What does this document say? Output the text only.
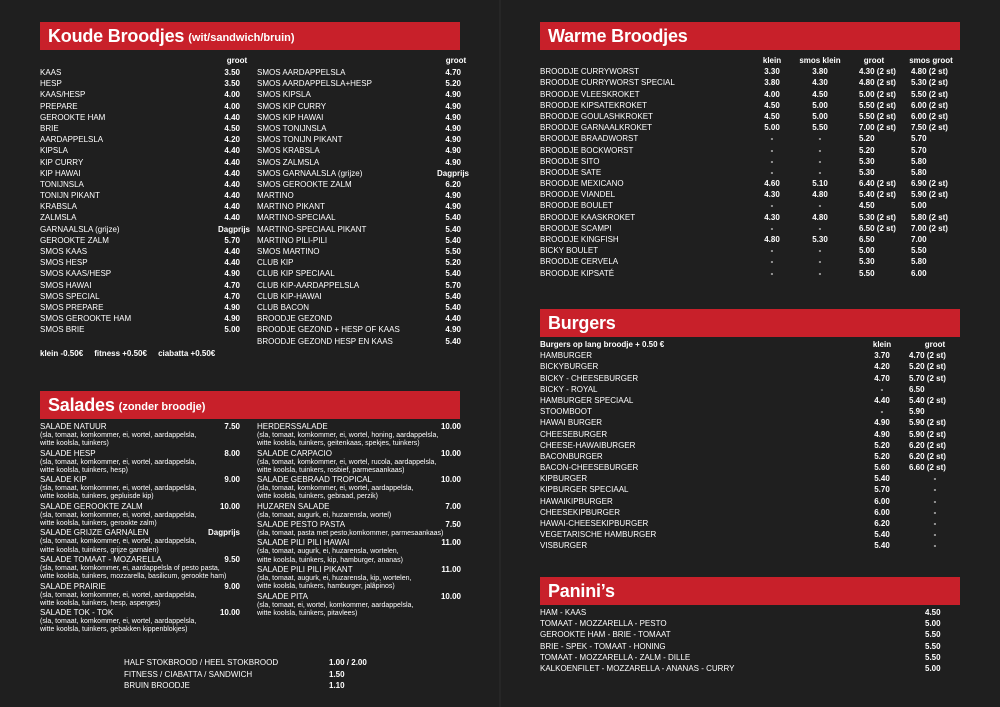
Koude Broodjes (wit/sandwich/bruin)
groot	groot
KAAS	3.50
HESP	3.50
KAAS/HESP	4.00
PREPARE	4.00
GEROOKTE HAM	4.40
BRIE	4.50
AARDAPPELSLA	4.20
KIPSLA	4.40
KIP CURRY	4.40
KIP HAWAI	4.40
TONIJNSLA	4.40
TONIJN PIKANT	4.40
KRABSLA	4.40
ZALMSLA	4.40
GARNAALSLA (grijze)	Dagprijs
GEROOKTE ZALM	5.70
SMOS KAAS	4.40
SMOS HESP	4.40
SMOS KAAS/HESP	4.90
SMOS HAWAI	4.70
SMOS SPECIAL	4.70
SMOS PREPARE	4.90
SMOS GEROOKTE HAM	4.90
SMOS BRIE	5.00
SMOS AARDAPPELSLA	4.70
SMOS AARDAPPELSLA+HESP	5.20
SMOS KIPSLA	4.90
SMOS KIP CURRY	4.90
SMOS KIP HAWAI	4.90
SMOS TONIJNSLA	4.90
SMOS TONIJN PIKANT	4.90
SMOS KRABSLA	4.90
SMOS ZALMSLA	4.90
SMOS GARNAALSLA (grijze)	Dagprijs
SMOS GEROOKTE ZALM	6.20
MARTINO	4.90
MARTINO PIKANT	4.90
MARTINO-SPECIAAL	5.40
MARTINO-SPECIAAL PIKANT	5.40
MARTINO PILI-PILI	5.40
SMOS MARTINO	5.50
CLUB KIP	5.20
CLUB KIP SPECIAAL	5.40
CLUB KIP-AARDAPPELSLA	5.70
CLUB KIP-HAWAI	5.40
CLUB BACON	5.40
BROODJE GEZOND	4.40
BROODJE GEZOND + HESP OF KAAS	4.90
BROODJE GEZOND HESP EN KAAS	5.40
klein -0.50€     fitness +0.50€     ciabatta +0.50€
Salades (zonder broodje)
SALADE NATUUR	7.50
(sla, tomaat, komkommer, ei, wortel, aardappelsla,
witte koolsla, tuinkers)
SALADE HESP	8.00
(sla, tomaat, komkommer, ei, wortel, aardappelsla,
witte koolsla, tuinkers, hesp)
SALADE KIP	9.00
(sla, tomaat, komkommer, ei, wortel, aardappelsla,
witte koolsla, tuinkers, gepluisde kip)
SALADE GEROOKTE ZALM	10.00
(sla, tomaat, komkommer, ei, wortel, aardappelsla,
witte koolsla, tuinkers, gerookte zalm)
SALADE GRIJZE GARNALEN	Dagprijs
(sla, tomaat, komkommer, ei, wortel, aardappelsla,
witte koolsla, tuinkers, grijze garnalen)
SALADE TOMAAT - MOZARELLA	9.50
(sla, tomaat, komkommer, ei, aardappelsla of pesto pasta,
witte koolsla, tuinkers, mozzarella, basilicum, gerookte ham)
SALADE PRAIRIE	9.00
(sla, tomaat, komkommer, ei, wortel, aardappelsla,
witte koolsla, tuinkers, hesp, asperges)
SALADE TOK - TOK	10.00
(sla, tomaat, komkommer, ei, wortel, aardappelsla,
witte koolsla, tuinkers, gebakken kippenblokjes)
HERDERSSALADE	10.00
(sla, tomaat, komkommer, ei, wortel, honing, aardappelsla,
witte koolsla, tuinkers, geitenkaas, spekjes, tuinkers)
SALADE CARPACIO	10.00
(sla, tomaat, komkommer, ei, wortel, rucola, aardappelsla,
witte koolsla, tuinkers, rosbief, parmesaankaas)
SALADE GEBRAAD TROPICAL	10.00
(sla, tomaat, komkommer, ei, wortel, aardappelsla,
witte koolsla, tuinkers, gebraad, perzik)
HUZAREN SALADE	7.00
(sla, tomaat, augurk, ei, huzarensla, wortel)
SALADE PESTO PASTA	7.50
(sla, tomaat, pasta met pesto,komkommer, parmesaankaas)
SALADE PILI PILI HAWAI	11.00
(sla, tomaat, augurk, ei, huzarensla, wortelen,
witte koolsla, tuinkers, kip, hamburger, ananas)
SALADE PILI PILI PIKANT	11.00
(sla, tomaat, augurk, ei, huzarensla, kip, wortelen,
witte koolsla, tuinkers, hamburger, jalâpinos)
SALADE PITA	10.00
(sla, tomaat, ei, wortel, komkommer, aardappelsla,
witte koolsla, tuinkers, pitavlees)
HALF STOKBROOD / HEEL STOKBROOD	1.00 / 2.00
FITNESS / CIABATTA / SANDWICH	1.50
BRUIN BROODJE	1.10
Warme Broodjes
klein	smos klein	groot	smos groot
BROODJE CURRYWORST	3.30	3.80	4.30 (2 st)	4.80 (2 st)
BROODJE CURRYWORST SPECIAL	3.80	4.30	4.80 (2 st)	5.30 (2 st)
BROODJE VLEESKROKET	4.00	4.50	5.00 (2 st)	5.50 (2 st)
BROODJE KIPSATEKROKET	4.50	5.00	5.50 (2 st)	6.00 (2 st)
BROODJE GOULASHKROKET	4.50	5.00	5.50 (2 st)	6.00 (2 st)
BROODJE GARNAALKROKET	5.00	5.50	7.00 (2 st)	7.50 (2 st)
BROODJE BRAADWORST	-	-	5.20	5.70
BROODJE BOCKWORST	-	-	5.20	5.70
BROODJE SITO	-	-	5.30	5.80
BROODJE SATE	-	-	5.30	5.80
BROODJE MEXICANO	4.60	5.10	6.40 (2 st)	6.90 (2 st)
BROODJE VIANDEL	4.30	4.80	5.40 (2 st)	5.90 (2 st)
BROODJE BOULET	-	-	4.50	5.00
BROODJE KAASKROKET	4.30	4.80	5.30 (2 st)	5.80 (2 st)
BROODJE SCAMPI	-	-	6.50 (2 st)	7.00 (2 st)
BROODJE KINGFISH	4.80	5.30	6.50	7.00
BICKY BOULET	-	-	5.00	5.50
BROODJE CERVELA	-	-	5.30	5.80
BROODJE KIPSATÉ	-	-	5.50	6.00
Burgers
Burgers op lang broodje + 0.50 €	klein	groot
HAMBURGER	3.70	4.70 (2 st)
BICKYBURGER	4.20	5.20 (2 st)
BICKY - CHEESEBURGER	4.70	5.70 (2 st)
BICKY - ROYAL	-	6.50
HAMBURGER SPECIAAL	4.40	5.40 (2 st)
STOOMBOOT	-	5.90
HAWAI BURGER	4.90	5.90 (2 st)
CHEESEBURGER	4.90	5.90 (2 st)
CHEESE-HAWAIBURGER	5.20	6.20 (2 st)
BACONBURGER	5.20	6.20 (2 st)
BACON-CHEESEBURGER	5.60	6.60 (2 st)
KIPBURGER	5.40	-
KIPBURGER SPECIAAL	5.70	-
HAWAIKIPBURGER	6.00	-
CHEESEKIPBURGER	6.00	-
HAWAI-CHEESEKIPBURGER	6.20	-
VEGETARISCHE HAMBURGER	5.40	-
VISBURGER	5.40	-
Panini’s
HAM - KAAS	4.50
TOMAAT - MOZZARELLA - PESTO	5.00
GEROOKTE HAM - BRIE - TOMAAT	5.50
BRIE - SPEK - TOMAAT - HONING	5.50
TOMAAT - MOZZARELLA - ZALM - DILLE	5.50
KALKOENFILET - MOZZARELLA - ANANAS - CURRY	5.00
